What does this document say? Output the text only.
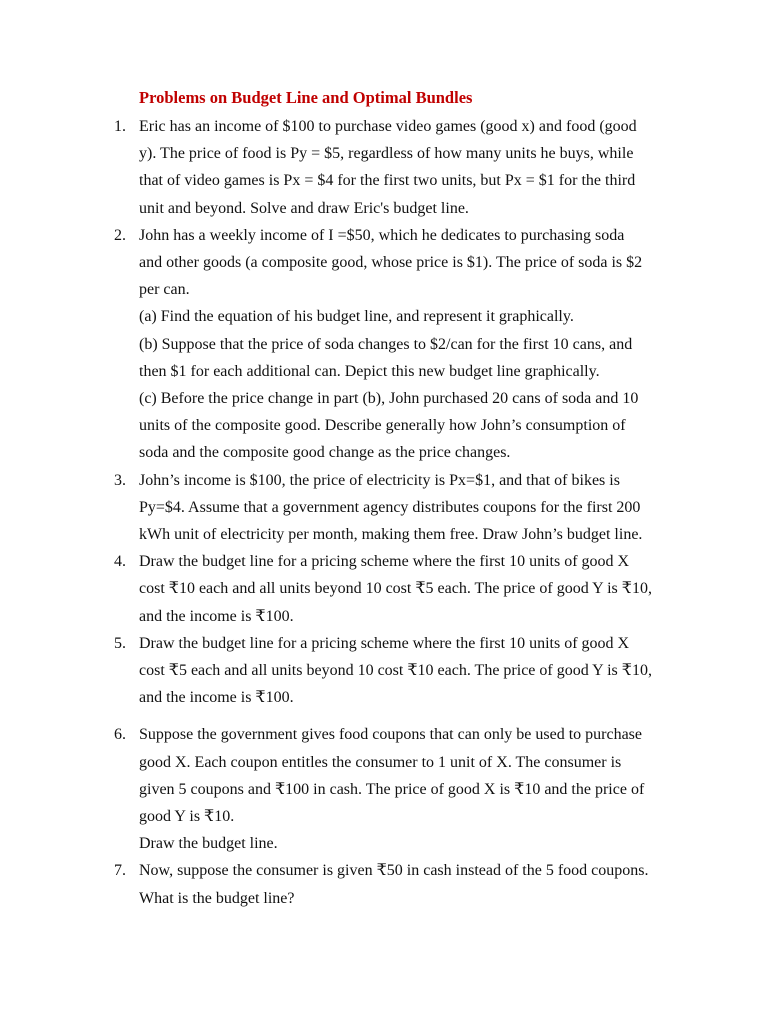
Problems on Budget Line and Optimal Bundles
1. Eric has an income of $100 to purchase video games (good x) and food (good
y). The price of food is Py = $5, regardless of how many units he buys, while
that of video games is Px = $4 for the first two units, but Px = $1 for the third
unit and beyond. Solve and draw Eric's budget line.
2. John has a weekly income of I =$50, which he dedicates to purchasing soda
and other goods (a composite good, whose price is $1). The price of soda is $2
per can.
(a) Find the equation of his budget line, and represent it graphically.
(b) Suppose that the price of soda changes to $2/can for the first 10 cans, and
then $1 for each additional can. Depict this new budget line graphically.
(c) Before the price change in part (b), John purchased 20 cans of soda and 10
units of the composite good. Describe generally how John’s consumption of
soda and the composite good change as the price changes.
3. John’s income is $100, the price of electricity is Px=$1, and that of bikes is
Py=$4. Assume that a government agency distributes coupons for the first 200
kWh unit of electricity per month, making them free. Draw John’s budget line.
4. Draw the budget line for a pricing scheme where the first 10 units of good X
cost ₹10 each and all units beyond 10 cost ₹5 each. The price of good Y is ₹10,
and the income is ₹100.
5. Draw the budget line for a pricing scheme where the first 10 units of good X
cost ₹5 each and all units beyond 10 cost ₹10 each. The price of good Y is ₹10,
and the income is ₹100.
6. Suppose the government gives food coupons that can only be used to purchase
good X. Each coupon entitles the consumer to 1 unit of X. The consumer is
given 5 coupons and ₹100 in cash. The price of good X is ₹10 and the price of
good Y is ₹10.
Draw the budget line.
7. Now, suppose the consumer is given ₹50 in cash instead of the 5 food coupons.
What is the budget line?
